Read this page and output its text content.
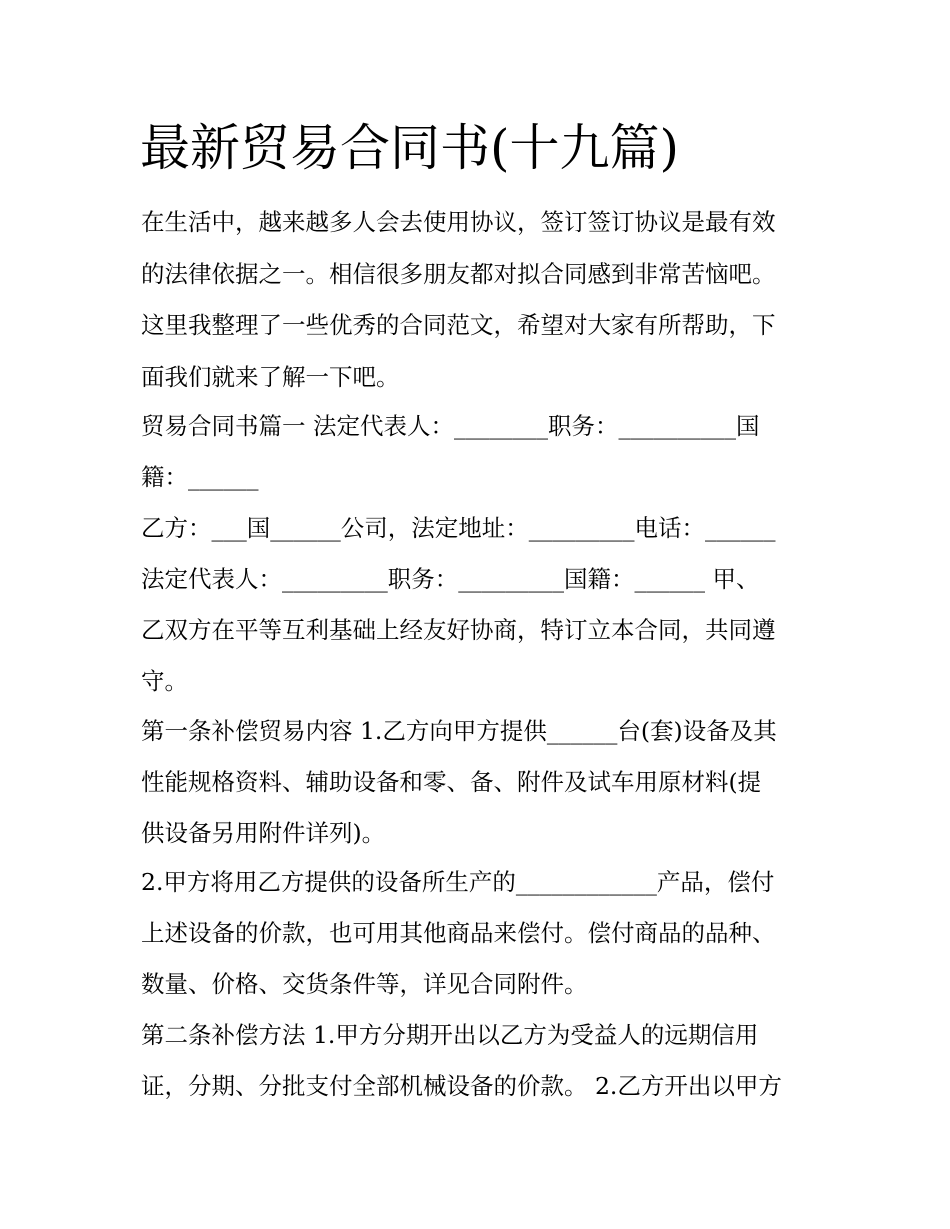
最新贸易合同书(十九篇)

在生活中，越来越多人会去使用协议，签订签订协议是最有效

的法律依据之一。相信很多朋友都对拟合同感到非常苦恼吧。

这里我整理了一些优秀的合同范文，希望对大家有所帮助，下

面我们就来了解一下吧。

贸易合同书篇一 法定代表人：________职务：__________国

籍：______

乙方：___国______公司，法定地址：_________电话：______

法定代表人：_________职务：_________国籍：______ 甲、

乙双方在平等互利基础上经友好协商，特订立本合同，共同遵

守。

第一条补偿贸易内容 1.乙方向甲方提供______台(套)设备及其

性能规格资料、辅助设备和零、备、附件及试车用原材料(提

供设备另用附件详列)。

2.甲方将用乙方提供的设备所生产的____________产品，偿付

上述设备的价款，也可用其他商品来偿付。偿付商品的品种、

数量、价格、交货条件等，详见合同附件。

第二条补偿方法 1.甲方分期开出以乙方为受益人的远期信用

证，分期、分批支付全部机械设备的价款。 2.乙方开出以甲方
